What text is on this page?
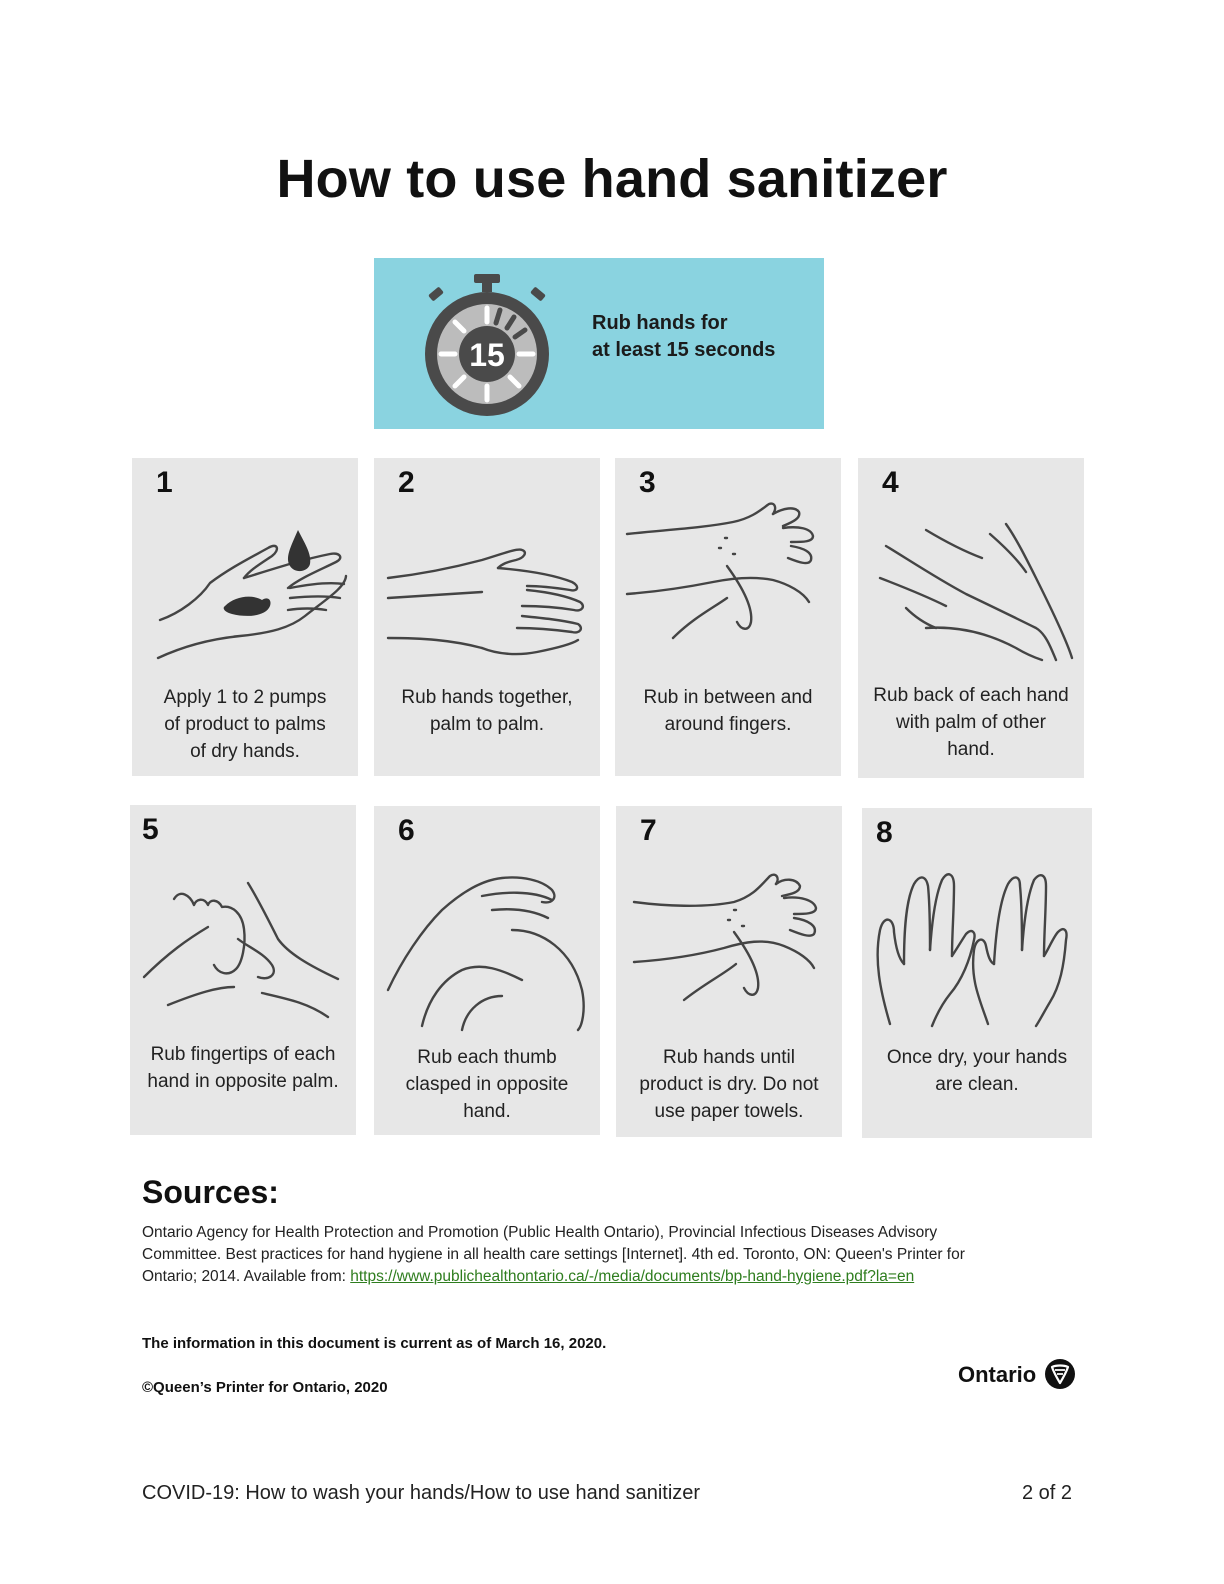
How to use hand sanitizer
15
Rub hands for
at least 15 seconds
1
Apply 1 to 2 pumps
of product to palms
of dry hands.
2
Rub hands together,
palm to palm.
3
Rub in between and
around fingers.
4
Rub back of each hand
with palm of other
hand.
5
Rub fingertips of each
hand in opposite palm.
6
Rub each thumb
clasped in opposite
hand.
7
Rub hands until
product is dry. Do not
use paper towels.
8
Once dry, your hands
are clean.
Sources:
Ontario Agency for Health Protection and Promotion (Public Health Ontario), Provincial Infectious Diseases Advisory
Committee. Best practices for hand hygiene in all health care settings [Internet]. 4th ed. Toronto, ON: Queen's Printer for
Ontario; 2014. Available from: https://www.publichealthontario.ca/-/media/documents/bp-hand-hygiene.pdf?la=en
The information in this document is current as of March 16, 2020.
©Queen’s Printer for Ontario, 2020
Ontario
COVID-19: How to wash your hands/How to use hand sanitizer	2 of 2
